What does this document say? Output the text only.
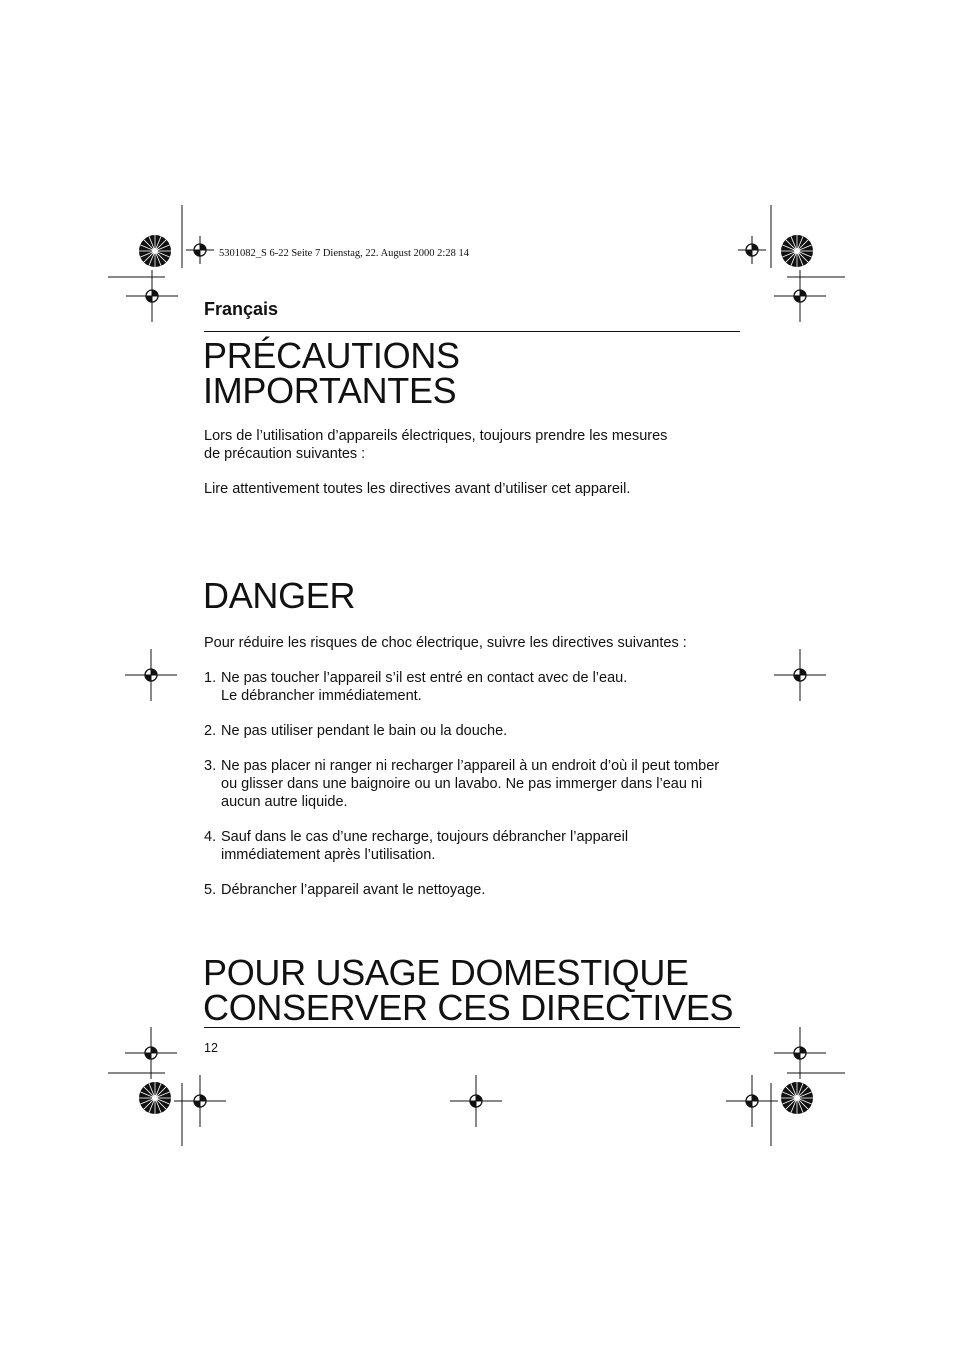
5301082_S 6-22 Seite 7 Dienstag, 22. August 2000 2:28 14
Français
PRÉCAUTIONS
IMPORTANTES

Lors de l’utilisation d’appareils électriques, toujours prendre les mesures
de précaution suivantes :

Lire attentivement toutes les directives avant d’utiliser cet appareil.

DANGER

Pour réduire les risques de choc électrique, suivre les directives suivantes :

1. Ne pas toucher l’appareil s’il est entré en contact avec de l’eau.
Le débrancher immédiatement.
2. Ne pas utiliser pendant le bain ou la douche.
3. Ne pas placer ni ranger ni recharger l’appareil à un endroit d’où il peut tomber
ou glisser dans une baignoire ou un lavabo. Ne pas immerger dans l’eau ni
aucun autre liquide.
4. Sauf dans le cas d’une recharge, toujours débrancher l’appareil
immédiatement après l’utilisation.
5. Débrancher l’appareil avant le nettoyage.
POUR USAGE DOMESTIQUE
CONSERVER CES DIRECTIVES
12
